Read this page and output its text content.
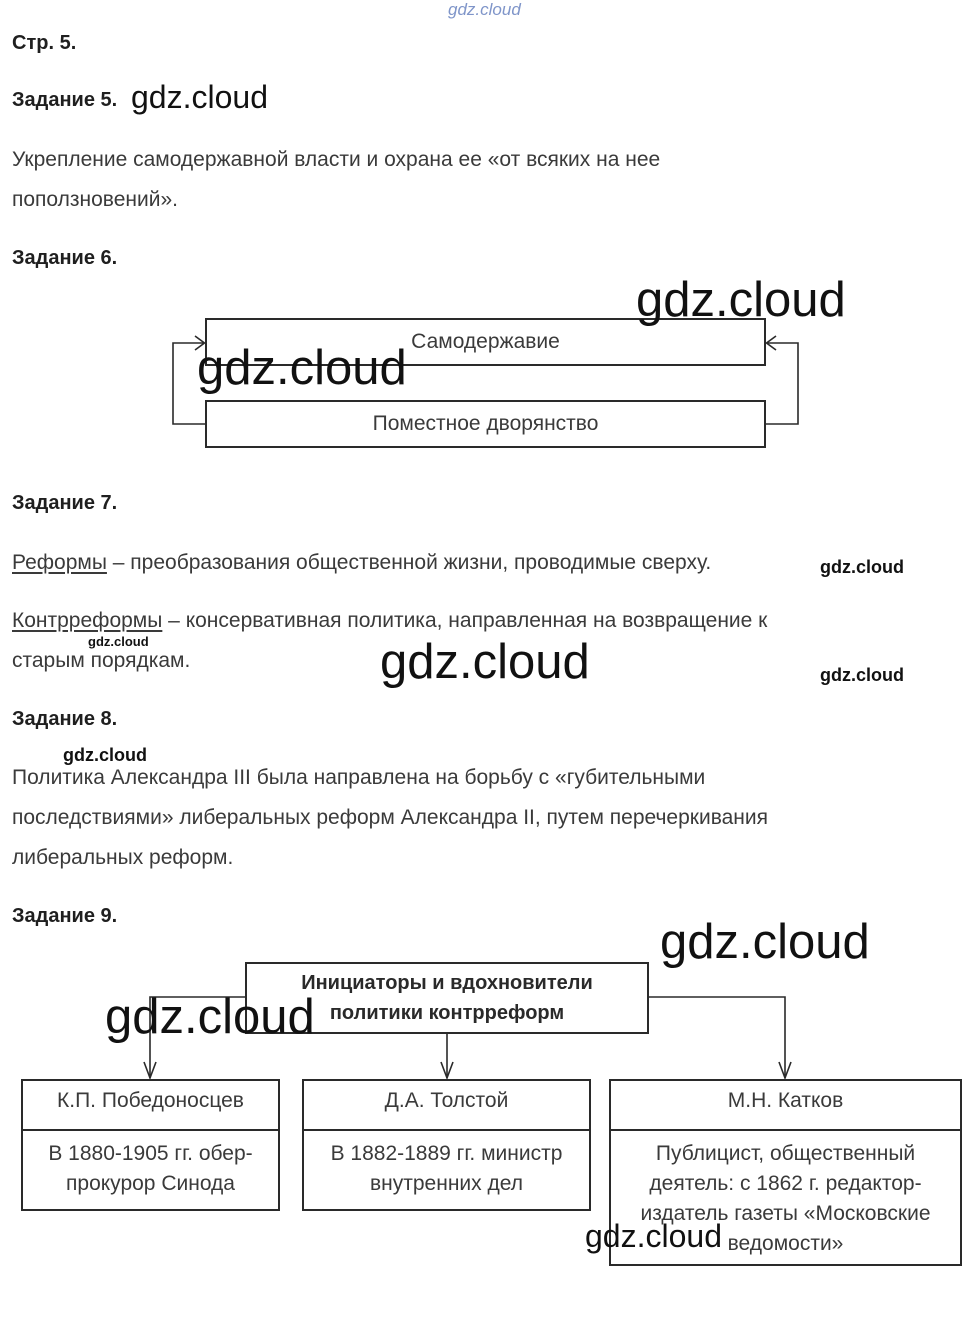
gdz.cloud
Стр. 5.
Задание 5. gdz.cloud
Укрепление самодержавной власти и охрана ее «от всяких на нее
поползновений».
Задание 6.
Самодержавие
Поместное дворянство
gdz.cloud
gdz.cloud
Задание 7.
Реформы – преобразования общественной жизни, проводимые сверху.
Контрреформы – консервативная политика, направленная на возвращение к
старым порядкам.
gdz.cloud
gdz.cloud	gdz.cloud	gdz.cloud
Задание 8.
gdz.cloud
Политика Александра III была направлена на борьбу с «губительными
последствиями» либеральных реформ Александра II, путем перечеркивания
либеральных реформ.
Задание 9.
Инициаторы и вдохновители
политики контрреформ
К.П. Победоносцев
В 1880-1905 гг. обер-
прокурор Синода
Д.А. Толстой
В 1882-1889 гг. министр
внутренних дел
М.Н. Катков
Публицист, общественный
деятель: с 1862 г. редактор-
издатель газеты «Московские
ведомости»
gdz.cloud
gdz.cloud
gdz.cloud
